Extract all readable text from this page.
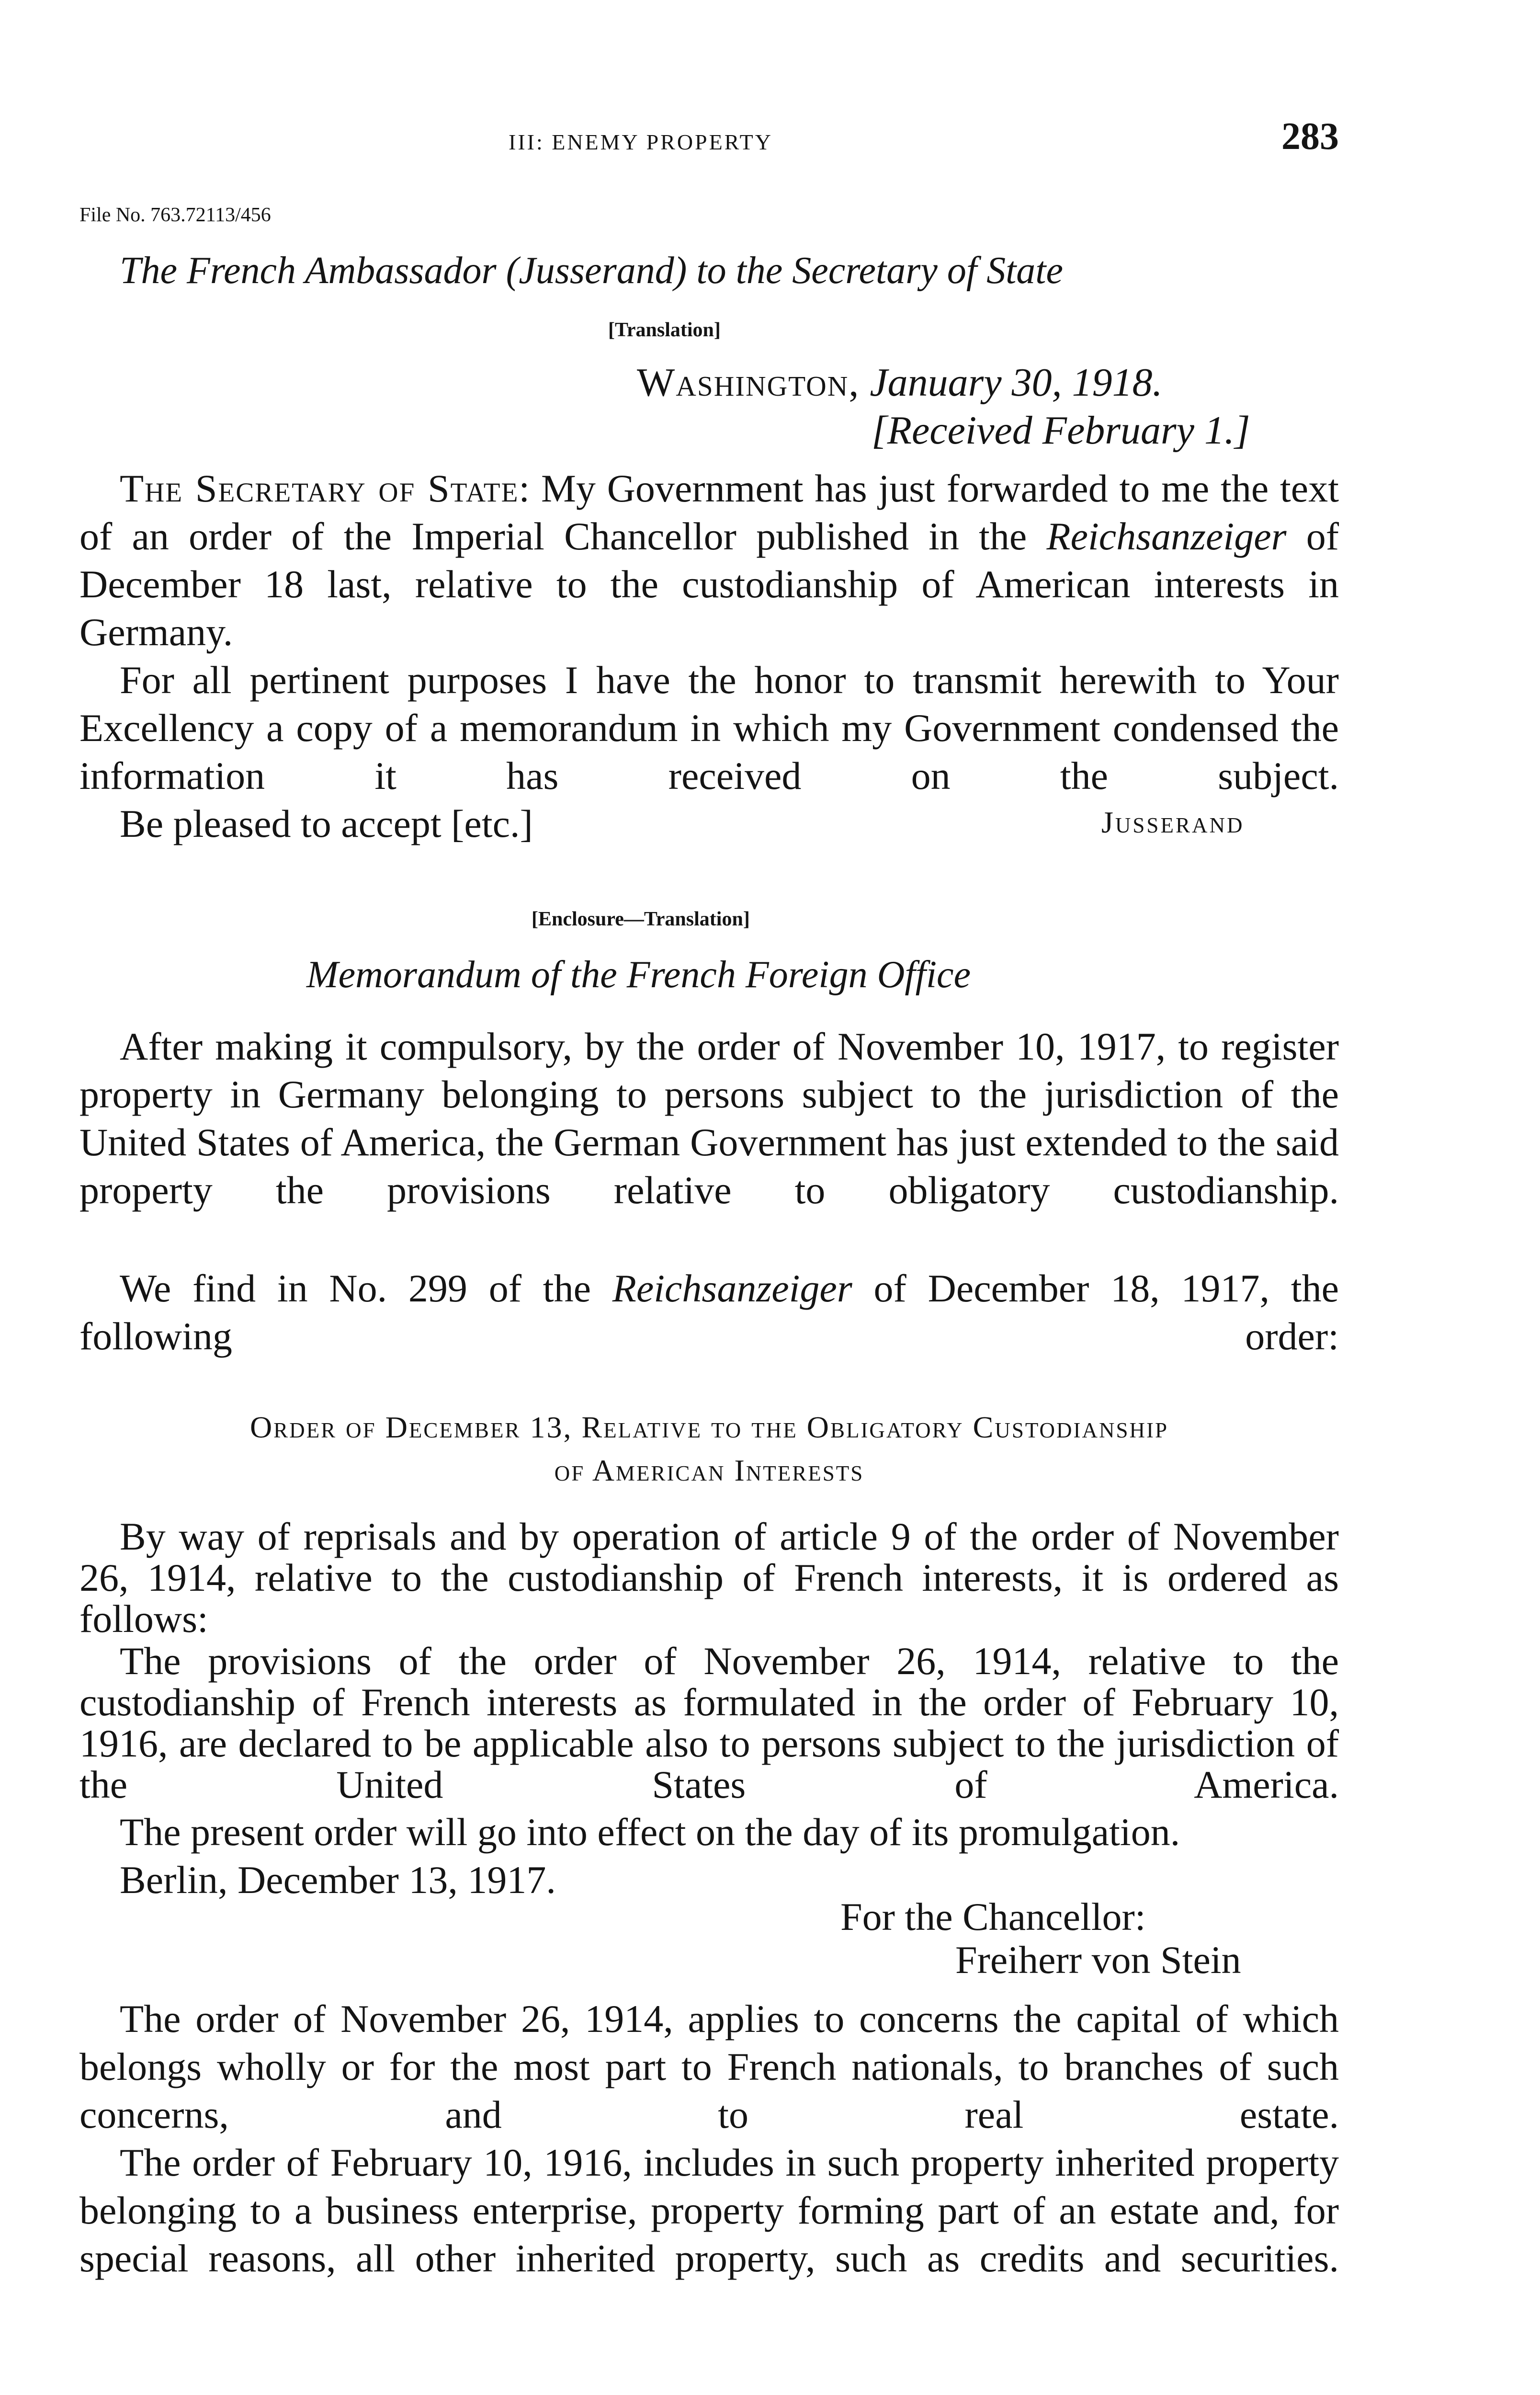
III: ENEMY PROPERTY	283
File No. 763.72113/456
The French Ambassador (Jusserand) to the Secretary of State
[Translation]
Washington, January 30, 1918.
[Received February 1.]

The Secretary of State: My Government has just forwarded to me the text of an order of the Imperial Chancellor published in the Reichsanzeiger of December 18 last, relative to the custodianship of American interests in Germany.

For all pertinent purposes I have the honor to transmit herewith to Your Excellency a copy of a memorandum in which my Government condensed the information it has received on the subject.

Be pleased to accept [etc.]	Jusserand
[Enclosure—Translation]
Memorandum of the French Foreign Office

After making it compulsory, by the order of November 10, 1917, to register property in Germany belonging to persons subject to the jurisdiction of the United States of America, the German Government has just extended to the said property the provisions relative to obligatory custodianship.

We find in No. 299 of the Reichsanzeiger of December 18, 1917, the following order:

Order of December 13, Relative to the Obligatory Custodianship
of American Interests

By way of reprisals and by operation of article 9 of the order of November 26, 1914, relative to the custodianship of French interests, it is ordered as follows:

The provisions of the order of November 26, 1914, relative to the custodianship of French interests as formulated in the order of February 10, 1916, are declared to be applicable also to persons subject to the jurisdiction of the United States of America.

The present order will go into effect on the day of its promulgation.

Berlin, December 13, 1917.

For the Chancellor:
Freiherr von Stein

The order of November 26, 1914, applies to concerns the capital of which belongs wholly or for the most part to French nationals, to branches of such concerns, and to real estate.

The order of February 10, 1916, includes in such property inherited property belonging to a business enterprise, property forming part of an estate and, for special reasons, all other inherited property, such as credits and securities.
